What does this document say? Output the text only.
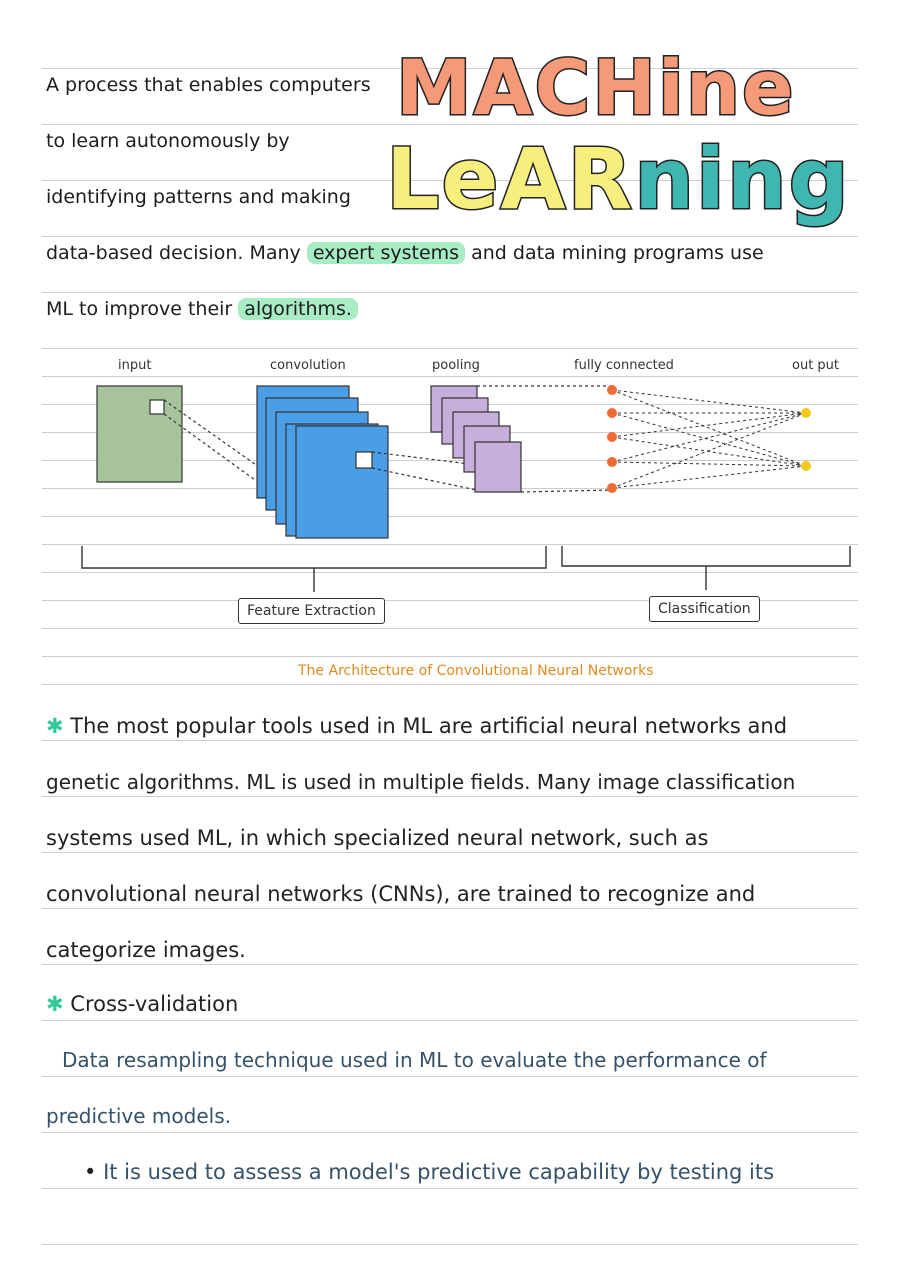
MACHine
LeARning
A process that enables computers
to learn autonomously by
identifying patterns and making
data-based decision. Many expert systems and data mining programs use
ML to improve their algorithms.
input	convolution	pooling	fully connected	out put
Feature Extraction	Classification
The Architecture of Convolutional Neural Networks
✱ The most popular tools used in ML are artificial neural networks and
genetic algorithms. ML is used in multiple fields. Many image classification
systems used ML, in which specialized neural network, such as
convolutional neural networks (CNNs), are trained to recognize and
categorize images.
✱ Cross-validation
Data resampling technique used in ML to evaluate the performance of
predictive models.
• It is used to assess a model's predictive capability by testing its
